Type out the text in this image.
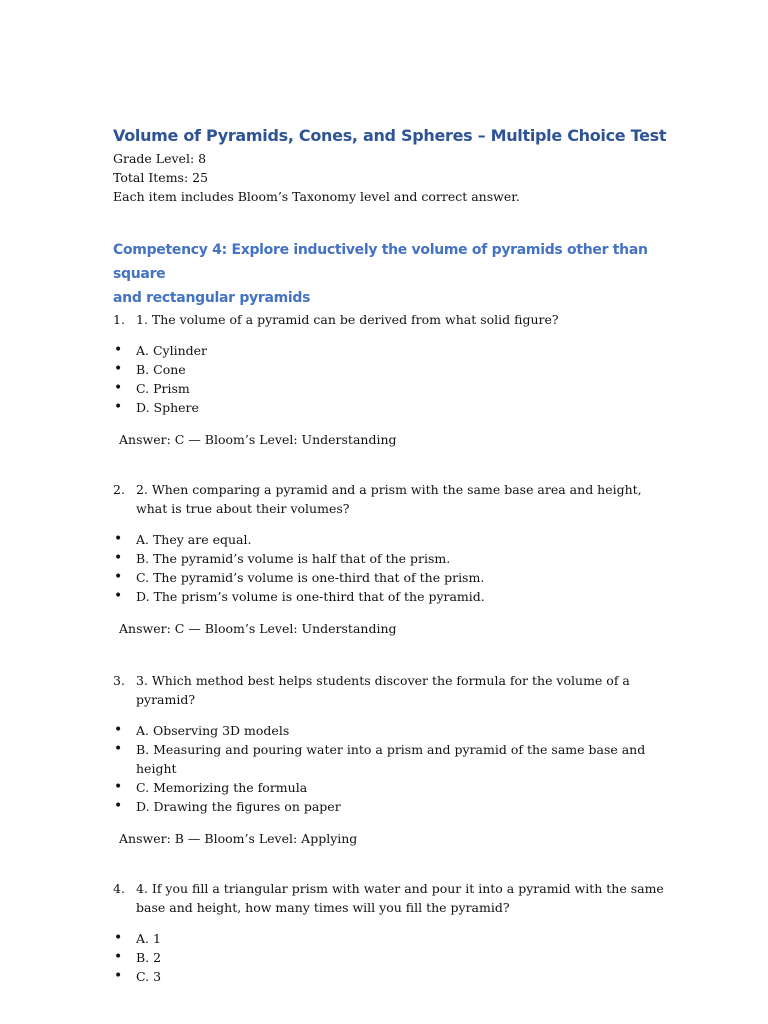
Volume of Pyramids, Cones, and Spheres – Multiple Choice Test

Grade Level: 8

Total Items: 25

Each item includes Bloom’s Taxonomy level and correct answer.

Competency 4: Explore inductively the volume of pyramids other than square
and rectangular pyramids
1. 1. The volume of a pyramid can be derived from what solid figure?
•	A. Cylinder
•	B. Cone
•	C. Prism
•	D. Sphere

Answer: C — Bloom’s Level: Understanding

2. 2. When comparing a pyramid and a prism with the same base area and height, what is true about their volumes?
•	A. They are equal.
•	B. The pyramid’s volume is half that of the prism.
•	C. The pyramid’s volume is one-third that of the prism.
•	D. The prism’s volume is one-third that of the pyramid.

Answer: C — Bloom’s Level: Understanding

3. 3. Which method best helps students discover the formula for the volume of a pyramid?
•	A. Observing 3D models
•	B. Measuring and pouring water into a prism and pyramid of the same base and height
•	C. Memorizing the formula
•	D. Drawing the figures on paper

Answer: B — Bloom’s Level: Applying

4. 4. If you fill a triangular prism with water and pour it into a pyramid with the same base and height, how many times will you fill the pyramid?
•	A. 1
•	B. 2
•	C. 3
